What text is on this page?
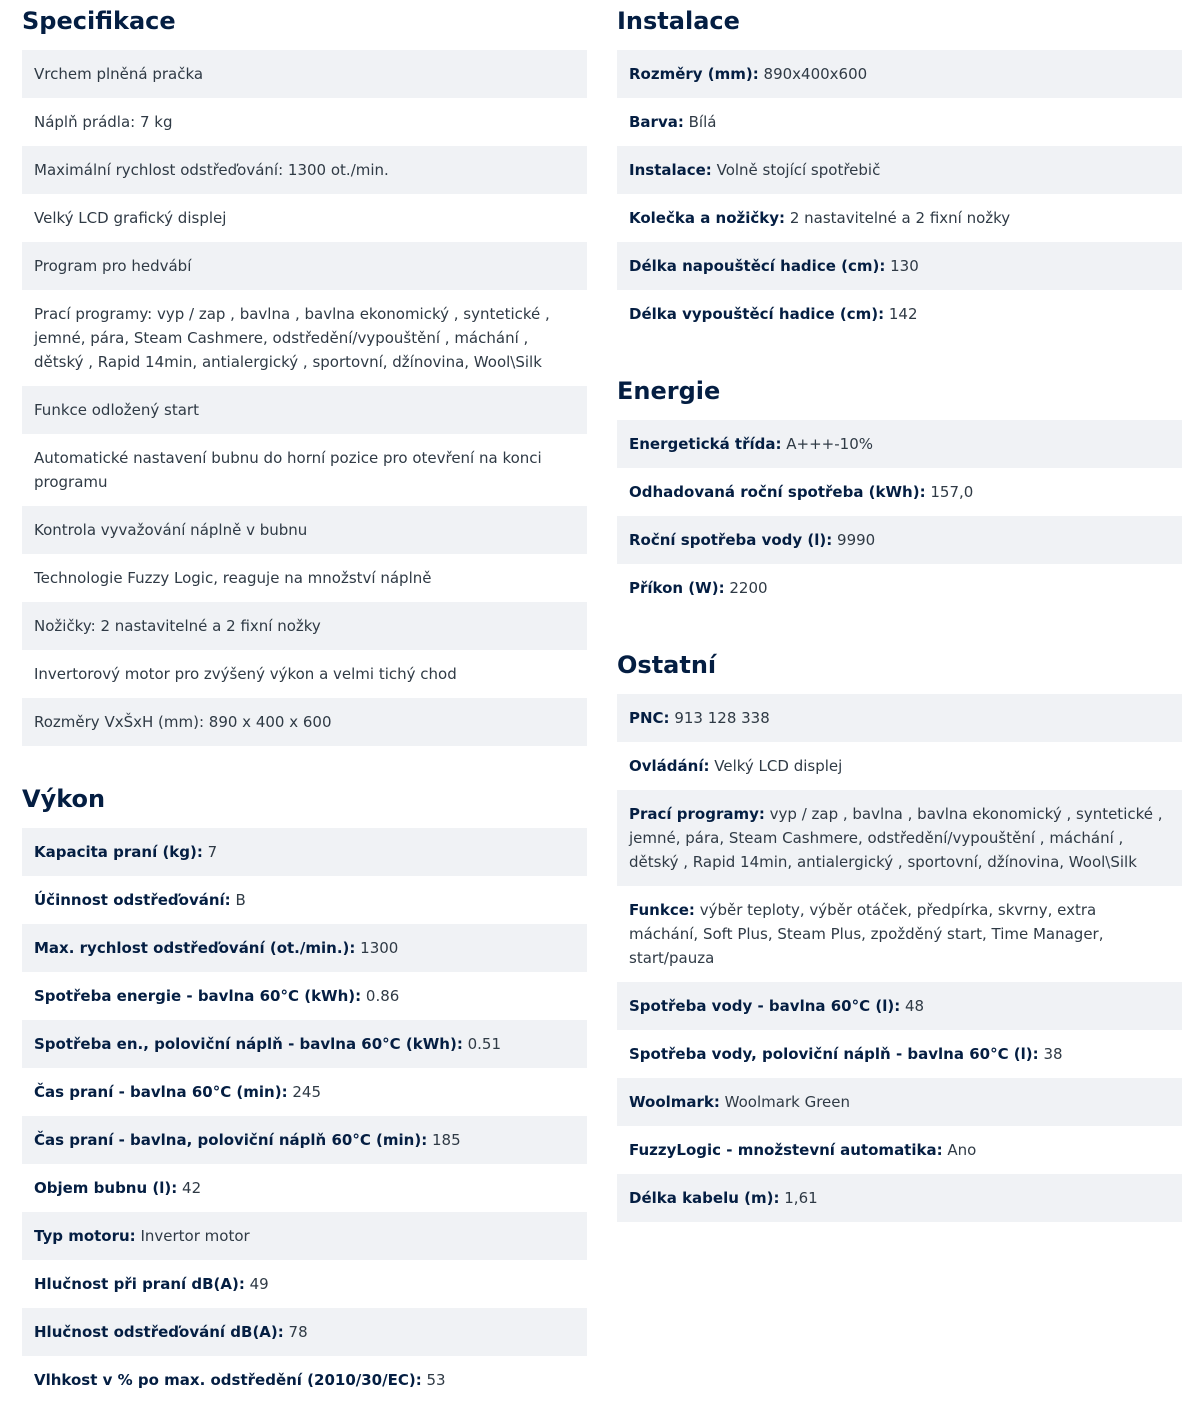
Specifikace
Vrchem plněná pračka
Náplň prádla: 7 kg
Maximální rychlost odstřeďování: 1300 ot./min.
Velký LCD grafický displej
Program pro hedvábí
Prací programy: vyp / zap , bavlna , bavlna ekonomický , syntetické , jemné, pára, Steam Cashmere, odstředění/vypouštění , máchání , dětský , Rapid 14min, antialergický , sportovní, džínovina, Wool\Silk
Funkce odložený start
Automatické nastavení bubnu do horní pozice pro otevření na konci programu
Kontrola vyvažování náplně v bubnu
Technologie Fuzzy Logic, reaguje na množství náplně
Nožičky: 2 nastavitelné a 2 fixní nožky
Invertorový motor pro zvýšený výkon a velmi tichý chod
Rozměry VxŠxH (mm): 890 x 400 x 600
Výkon
Kapacita praní (kg): 7
Účinnost odstřeďování: B
Max. rychlost odstřeďování (ot./min.): 1300
Spotřeba energie - bavlna 60°C (kWh): 0.86
Spotřeba en., poloviční náplň - bavlna 60°C (kWh): 0.51
Čas praní - bavlna 60°C (min): 245
Čas praní - bavlna, poloviční náplň 60°C (min): 185
Objem bubnu (l): 42
Typ motoru: Invertor motor
Hlučnost při praní dB(A): 49
Hlučnost odstřeďování dB(A): 78
Vlhkost v % po max. odstředění (2010/30/EC): 53
Instalace
Rozměry (mm): 890x400x600
Barva: Bílá
Instalace: Volně stojící spotřebič
Kolečka a nožičky: 2 nastavitelné a 2 fixní nožky
Délka napouštěcí hadice (cm): 130
Délka vypouštěcí hadice (cm): 142
Energie
Energetická třída: A+++-10%
Odhadovaná roční spotřeba (kWh): 157,0
Roční spotřeba vody (l): 9990
Příkon (W): 2200
Ostatní
PNC: 913 128 338
Ovládání: Velký LCD displej
Prací programy: vyp / zap , bavlna , bavlna ekonomický , syntetické , jemné, pára, Steam Cashmere, odstředění/vypouštění , máchání , dětský , Rapid 14min, antialergický , sportovní, džínovina, Wool\Silk
Funkce: výběr teploty, výběr otáček, předpírka, skvrny, extra máchání, Soft Plus, Steam Plus, zpožděný start, Time Manager, start/pauza
Spotřeba vody - bavlna 60°C (l): 48
Spotřeba vody, poloviční náplň - bavlna 60°C (l): 38
Woolmark: Woolmark Green
FuzzyLogic - množstevní automatika: Ano
Délka kabelu (m): 1,61
